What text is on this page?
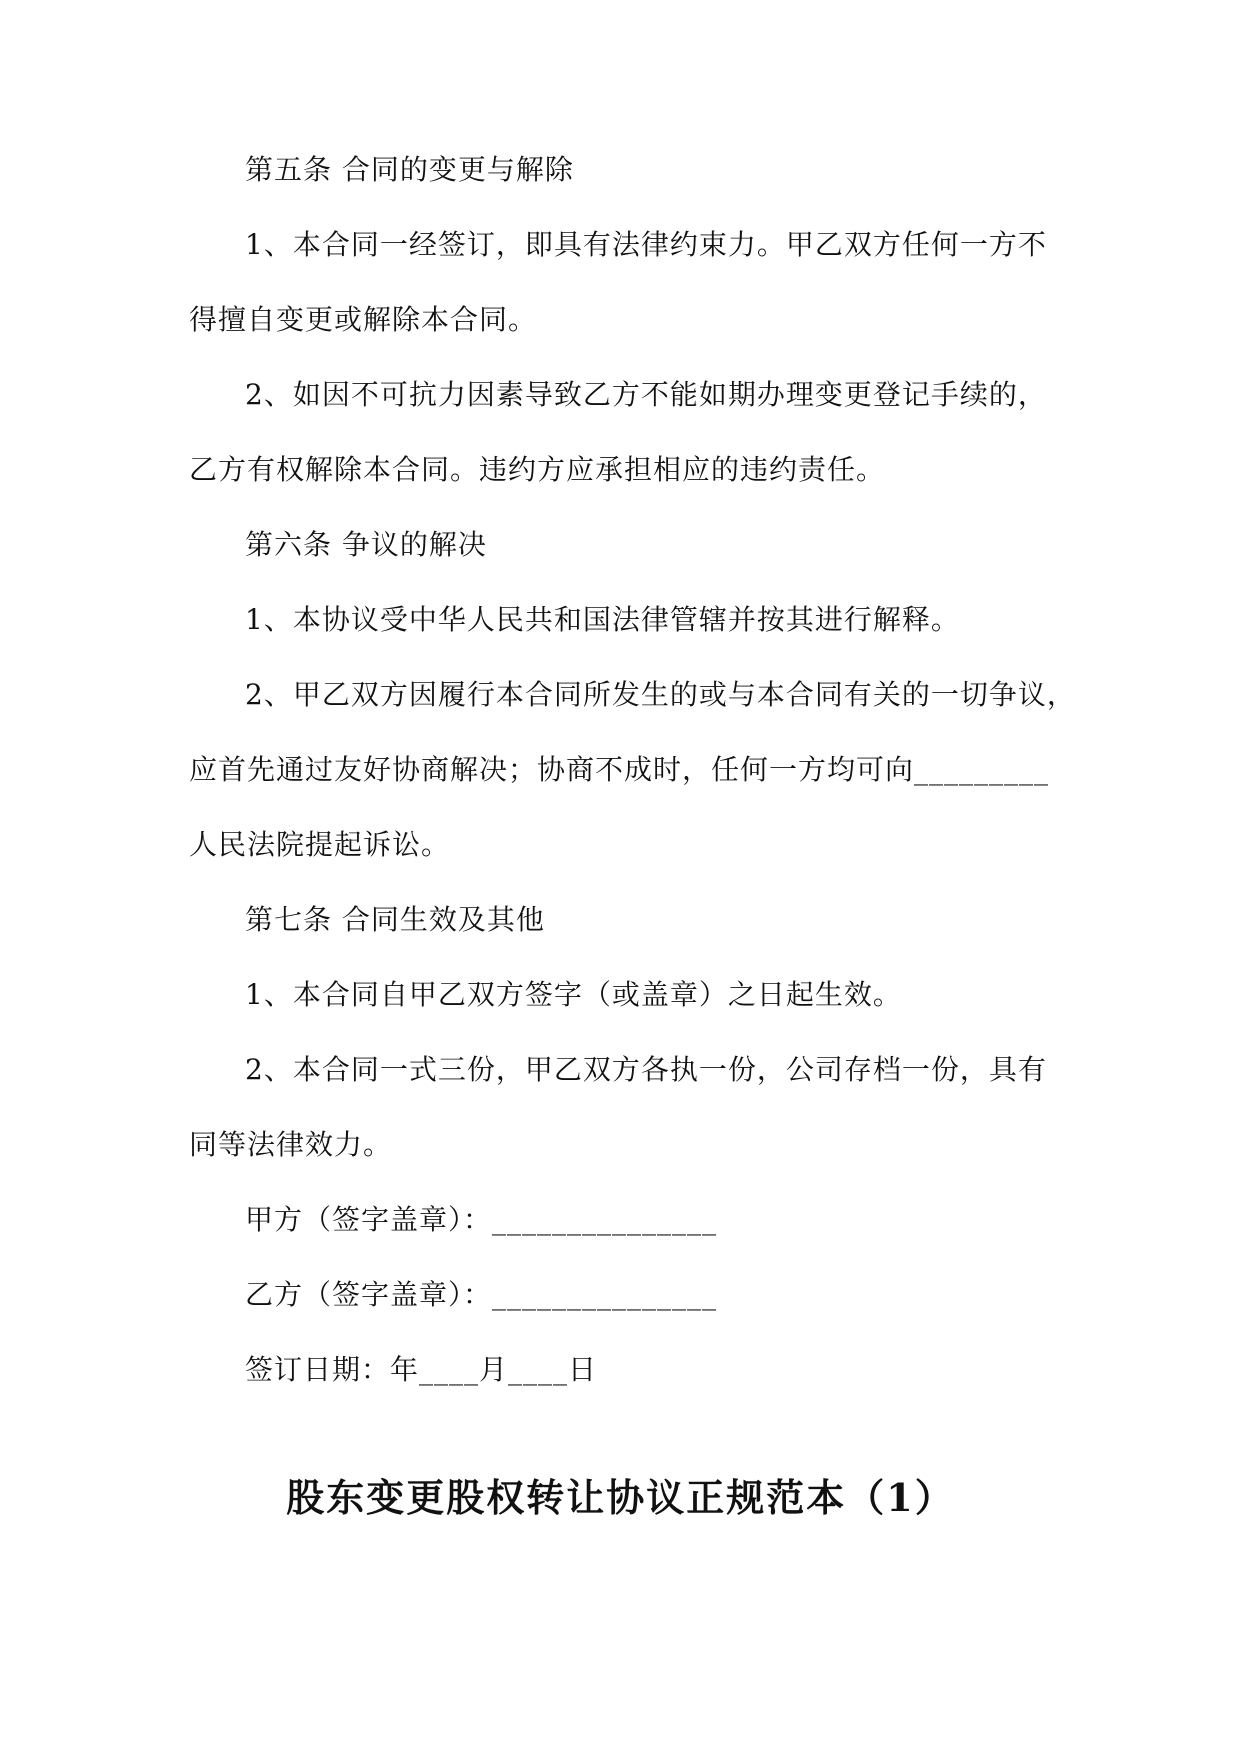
第五条 合同的变更与解除
1、本合同一经签订，即具有法律约束力。甲乙双方任何一方不
得擅自变更或解除本合同。
2、如因不可抗力因素导致乙方不能如期办理变更登记手续的，
乙方有权解除本合同。违约方应承担相应的违约责任。
第六条 争议的解决
1、本协议受中华人民共和国法律管辖并按其进行解释。
2、甲乙双方因履行本合同所发生的或与本合同有关的一切争议，
应首先通过友好协商解决；协商不成时，任何一方均可向_________
人民法院提起诉讼。
第七条 合同生效及其他
1、本合同自甲乙双方签字（或盖章）之日起生效。
2、本合同一式三份，甲乙双方各执一份，公司存档一份，具有
同等法律效力。
甲方（签字盖章）：_______________
乙方（签字盖章）：_______________
签订日期：年____月____日
股东变更股权转让协议正规范本（1）
